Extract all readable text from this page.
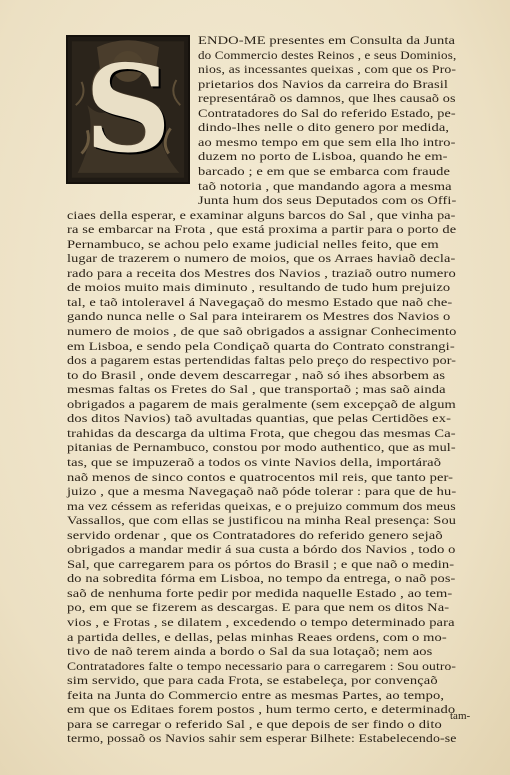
S	ENDO-ME presentes em Consulta da Junta
do Commercio destes Reinos , e seus Dominios,
nios, as incessantes queixas , com que os Pro-
prietarios dos Navios da carreira do Brasil
representáraõ os damnos, que lhes causaõ os
Contratadores do Sal do referido Estado, pe-
dindo-lhes nelle o dito genero por medida,
ao mesmo tempo em que sem ella lho intro-
duzem no porto de Lisboa, quando he em-
barcado ; e em que se embarca com fraude
taõ notoria , que mandando agora a mesma
Junta hum dos seus Deputados com os Offi-
ciaes della esperar, e examinar alguns barcos do Sal , que vinha pa-
ra se embarcar na Frota , que está proxima a partir para o porto de
Pernambuco, se achou pelo exame judicial nelles feito, que em
lugar de trazerem o numero de moios, que os Arraes haviaõ decla-
rado para a receita dos Mestres dos Navios , traziaõ outro numero
de moios muito mais diminuto , resultando de tudo hum prejuizo
tal, e taõ intoleravel á Navegaçaõ do mesmo Estado que naõ che-
gando nunca nelle o Sal para inteirarem os Mestres dos Navios o
numero de moios , de que saõ obrigados a assignar Conhecimento
em Lisboa, e sendo pela Condiçaõ quarta do Contrato constrangi-
dos a pagarem estas pertendidas faltas pelo preço do respectivo por-
to do Brasil , onde devem descarregar , naõ só ihes absorbem as
mesmas faltas os Fretes do Sal , que transportaõ ; mas saõ ainda
obrigados a pagarem de mais geralmente (sem excepçaõ de algum
dos ditos Navios) taõ avultadas quantias, que pelas Certidões ex-
trahidas da descarga da ultima Frota, que chegou das mesmas Ca-
pitanias de Pernambuco, constou por modo authentico, que as mul-
tas, que se impuzeraõ a todos os vinte Navios della, importáraõ
naõ menos de sinco contos e quatrocentos mil reis, que tanto per-
juizo , que a mesma Navegaçaõ naõ póde tolerar : para que de hu-
ma vez céssem as referidas queixas, e o prejuizo commum dos meus
Vassallos, que com ellas se justificou na minha Real presença: Sou
servido ordenar , que os Contratadores do referido genero sejaõ
obrigados a mandar medir á sua custa a bórdo dos Navios , todo o
Sal, que carregarem para os pórtos do Brasil ; e que naõ o medin-
do na sobredita fórma em Lisboa, no tempo da entrega, o naõ pos-
saõ de nenhuma forte pedir por medida naquelle Estado , ao tem-
po, em que se fizerem as descargas. E para que nem os ditos Na-
vios , e Frotas , se dilatem , excedendo o tempo determinado para
a partida delles, e dellas, pelas minhas Reaes ordens, com o mo-
tivo de naõ terem ainda a bordo o Sal da sua lotaçaõ; nem aos
Contratadores falte o tempo necessario para o carregarem : Sou outro-
sim servido, que para cada Frota, se estabeleça, por convençaõ
feita na Junta do Commercio entre as mesmas Partes, ao tempo,
em que os Editaes forem postos , hum termo certo, e determinado
para se carregar o referido Sal , e que depois de ser findo o dito
termo, possaõ os Navios sahir sem esperar Bilhete: Estabelecendo-se
tam-
